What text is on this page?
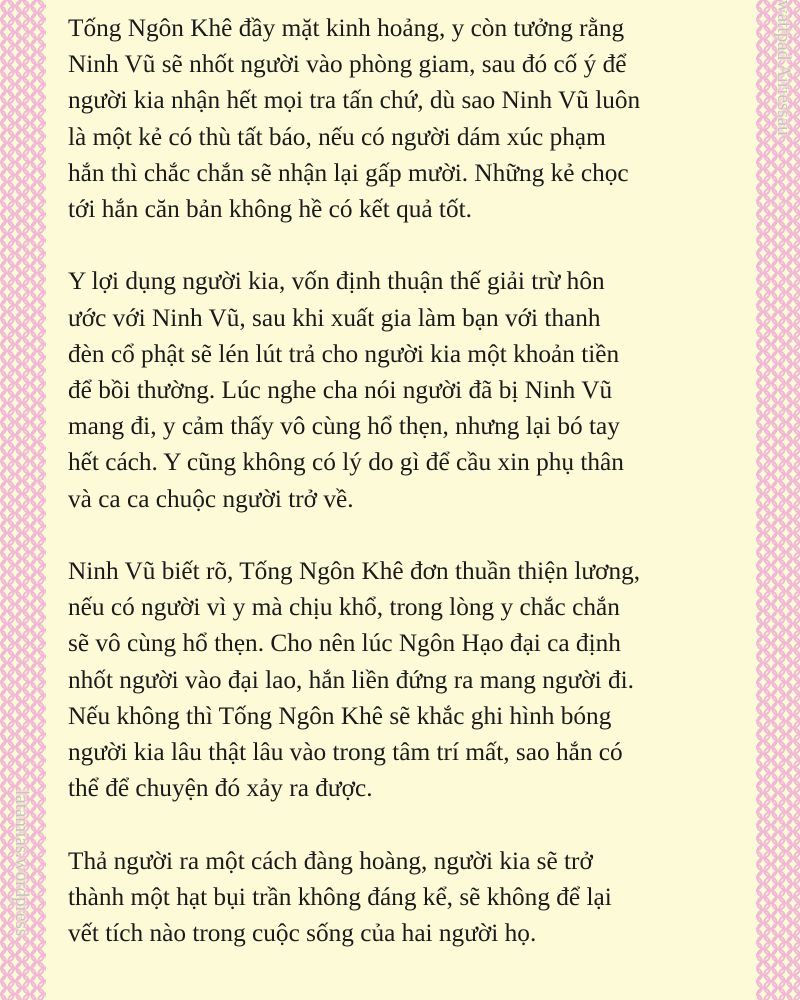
latamias.wordpress
wattpad Airiessau

Tống Ngôn Khê đầy mặt kinh hoảng, y còn tưởng rằng
Ninh Vũ sẽ nhốt người vào phòng giam, sau đó cố ý để
người kia nhận hết mọi tra tấn chứ, dù sao Ninh Vũ luôn
là một kẻ có thù tất báo, nếu có người dám xúc phạm
hắn thì chắc chắn sẽ nhận lại gấp mười. Những kẻ chọc
tới hắn căn bản không hề có kết quả tốt.

Y lợi dụng người kia, vốn định thuận thế giải trừ hôn
ước với Ninh Vũ, sau khi xuất gia làm bạn với thanh
đèn cổ phật sẽ lén lút trả cho người kia một khoản tiền
để bồi thường. Lúc nghe cha nói người đã bị Ninh Vũ
mang đi, y cảm thấy vô cùng hổ thẹn, nhưng lại bó tay
hết cách. Y cũng không có lý do gì để cầu xin phụ thân
và ca ca chuộc người trở về.

Ninh Vũ biết rõ, Tống Ngôn Khê đơn thuần thiện lương,
nếu có người vì y mà chịu khổ, trong lòng y chắc chắn
sẽ vô cùng hổ thẹn. Cho nên lúc Ngôn Hạo đại ca định
nhốt người vào đại lao, hắn liền đứng ra mang người đi.
Nếu không thì Tống Ngôn Khê sẽ khắc ghi hình bóng
người kia lâu thật lâu vào trong tâm trí mất, sao hắn có
thể để chuyện đó xảy ra được.

Thả người ra một cách đàng hoàng, người kia sẽ trở
thành một hạt bụi trần không đáng kể, sẽ không để lại
vết tích nào trong cuộc sống của hai người họ.
